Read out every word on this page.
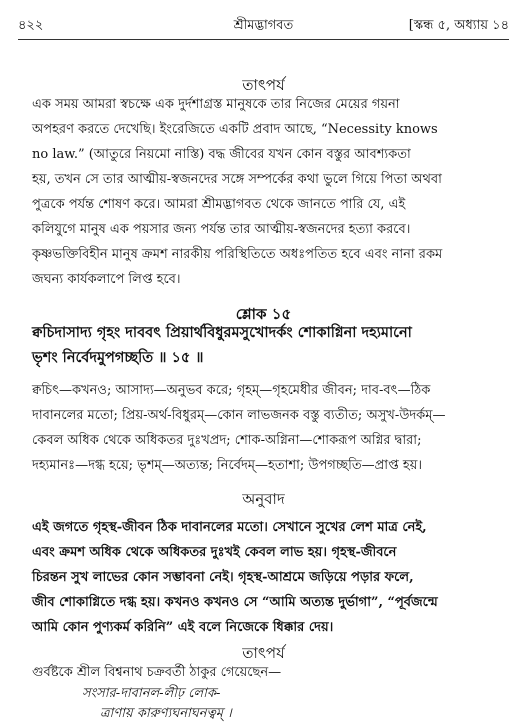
৪২২	শ্রীমদ্ভাগবত	[স্কন্ধ ৫, অধ্যায় ১৪
তাৎপর্য
এক সময় আমরা স্বচক্ষে এক দুর্দশাগ্রস্ত মানুষকে তার নিজের মেয়ের গয়না
অপহরণ করতে দেখেছি। ইংরেজিতে একটি প্রবাদ আছে, “Necessity knows
no law.” (আতুরে নিয়মো নাস্তি) বদ্ধ জীবের যখন কোন বস্তুর আবশ্যকতা
হয়, তখন সে তার আত্মীয়-স্বজনদের সঙ্গে সম্পর্কের কথা ভুলে গিয়ে পিতা অথবা
পুত্রকে পর্যন্ত শোষণ করে। আমরা শ্রীমদ্ভাগবত থেকে জানতে পারি যে, এই
কলিযুগে মানুষ এক পয়সার জন্য পর্যন্ত তার আত্মীয়-স্বজনদের হত্যা করবে।
কৃষ্ণভক্তিবিহীন মানুষ ক্রমশ নারকীয় পরিস্থিতিতে অধঃপতিত হবে এবং নানা রকম
জঘন্য কার্যকলাপে লিপ্ত হবে।
শ্লোক ১৫
ক্বচিদাসাদ্য গৃহং দাববৎ প্রিয়ার্থবিধুরমসুখোদর্কং শোকাগ্নিনা দহ্যমানো
ভৃশং নির্বেদমুপগচ্ছতি ॥ ১৫ ॥
ক্বচিৎ—কখনও; আসাদ্য—অনুভব করে; গৃহম্—গৃহমেধীর জীবন; দাব-বৎ—ঠিক
দাবানলের মতো; প্রিয়-অর্থ-বিধুরম্—কোন লাভজনক বস্তু ব্যতীত; অসুখ-উদর্কম্—
কেবল অধিক থেকে অধিকতর দুঃখপ্রদ; শোক-অগ্নিনা—শোকরূপ অগ্নির দ্বারা;
দহ্যমানঃ—দগ্ধ হয়ে; ভৃশম্—অত্যন্ত; নির্বেদম্—হতাশা; উপগচ্ছতি—প্রাপ্ত হয়।
অনুবাদ
এই জগতে গৃহস্থ-জীবন ঠিক দাবানলের মতো। সেখানে সুখের লেশ মাত্র নেই,
এবং ক্রমশ অধিক থেকে অধিকতর দুঃখই কেবল লাভ হয়। গৃহস্থ-জীবনে
চিরন্তন সুখ লাভের কোন সম্ভাবনা নেই। গৃহস্থ-আশ্রমে জড়িয়ে পড়ার ফলে,
জীব শোকাগ্নিতে দগ্ধ হয়। কখনও কখনও সে “আমি অত্যন্ত দুর্ভাগা”, “পূর্বজন্মে
আমি কোন পুণ্যকর্ম করিনি” এই বলে নিজেকে ধিক্কার দেয়।
তাৎপর্য
গুর্বষ্টকে শ্রীল বিশ্বনাথ চক্রবর্তী ঠাকুর গেয়েছেন—
সংসার-দাবানল-লীঢ় লোক-
ত্রাণায় কারুণ্যঘনাঘনত্বম্ ।
